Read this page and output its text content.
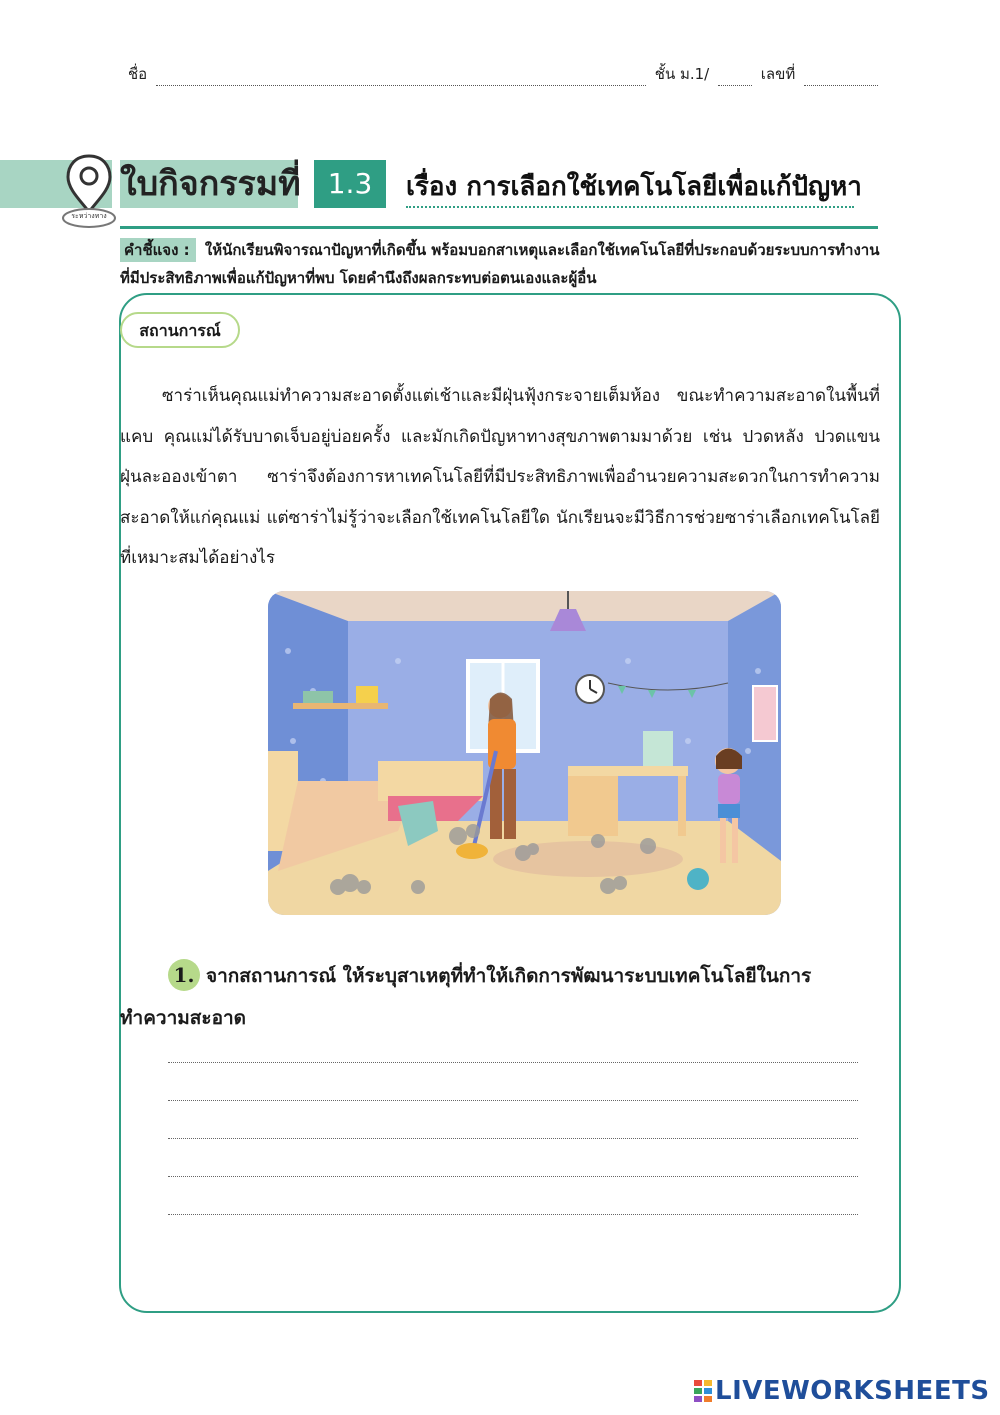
ชื่อ	ชั้น ม.1/	เลขที่
ระหว่างทาง
ใบกิจกรรมที่ 1.3	เรื่อง การเลือกใช้เทคโนโลยีเพื่อแก้ปัญหา
คำชี้แจง : ให้นักเรียนพิจารณาปัญหาที่เกิดขึ้น พร้อมบอกสาเหตุและเลือกใช้เทคโนโลยีที่ประกอบด้วยระบบการทำงานที่มีประสิทธิภาพเพื่อแก้ปัญหาที่พบ โดยคำนึงถึงผลกระทบต่อตนเองและผู้อื่น
สถานการณ์
ซาร่าเห็นคุณแม่ทำความสะอาดตั้งแต่เช้าและมีฝุ่นฟุ้งกระจายเต็มห้อง ขณะทำความสะอาดในพื้นที่แคบ คุณแม่ได้รับบาดเจ็บอยู่บ่อยครั้ง และมักเกิดปัญหาทางสุขภาพตามมาด้วย เช่น ปวดหลัง ปวดแขน ฝุ่นละอองเข้าตา ซาร่าจึงต้องการหาเทคโนโลยีที่มีประสิทธิภาพเพื่ออำนวยความสะดวกในการทำความสะอาดให้แก่คุณแม่ แต่ซาร่าไม่รู้ว่าจะเลือกใช้เทคโนโลยีใด นักเรียนจะมีวิธีการช่วยซาร่าเลือกเทคโนโลยีที่เหมาะสมได้อย่างไร
1. จากสถานการณ์ ให้ระบุสาเหตุที่ทำให้เกิดการพัฒนาระบบเทคโนโลยีในการทำความสะอาด
LIVEWORKSHEETS
